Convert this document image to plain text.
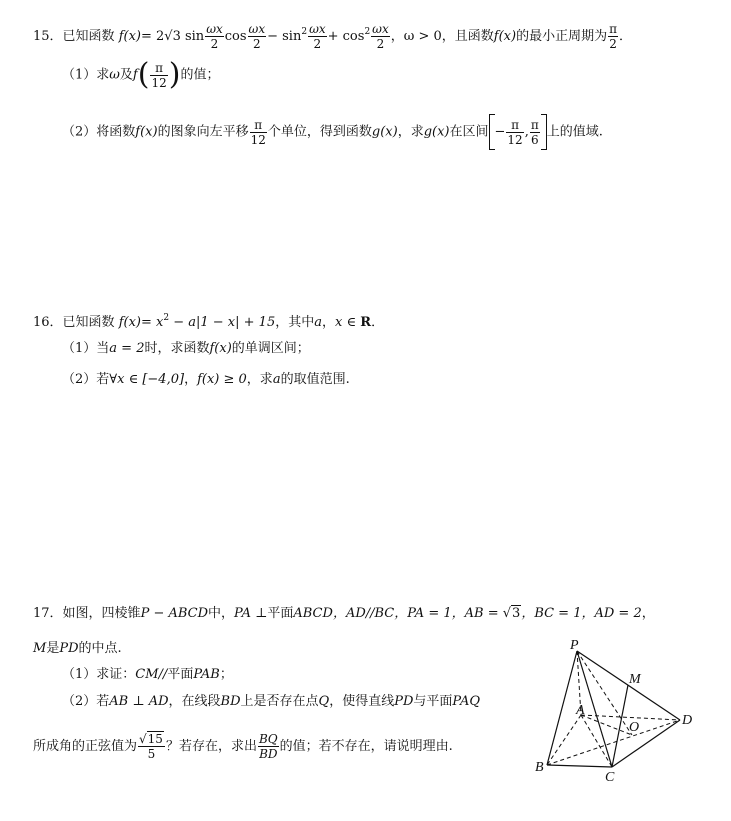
15．已知函数 f(x)= 2√3 $\sin \frac{\omega x}{2}$ $\cos \frac{\omega x}{2} - \sin^2 \frac{\omega x}{2} + \cos^2 \frac{\omega x}{2}$ ，ω > 0，且函数f(x)的最小正周期为 $\frac{\pi}{2}$ ．
（1）求ω及$f( \frac{\pi}{12}$ )的值；
（2）将函数f(x)的图象向左平移 $\frac{\pi}{12}$ 个单位，得到函数g(x)，求g(x)在区间 − $\frac{\pi}{12}$ , $\frac{\pi}{6}$ 上的值域.
16．已知函数 $f(x)= x^2 - a|1 - x| + 15$，其中a，x ∈ R．
（1）当a = 2时，求函数f(x)的单调区间；
（2）若∀x ∈ [−4,0]，f(x) ≥ 0，求a的取值范围.
17．如图，四棱锥P − ABCD中，PA ⊥平面ABCD，AD//BC，PA = 1，AB = √3，BC = 1，AD = 2，
M是PD的中点.
（1）求证：CM//平面PAB；
（2）若AB ⊥ AD，在线段BD上是否存在点Q，使得直线PD与平面PAQ
所成角的正弦值为 $\frac{√15}{5}$ ？若存在，求出 $\frac{BQ}{BD}$ 的值；若不存在，请说明理由.
P
M
A
O	D
B
C
